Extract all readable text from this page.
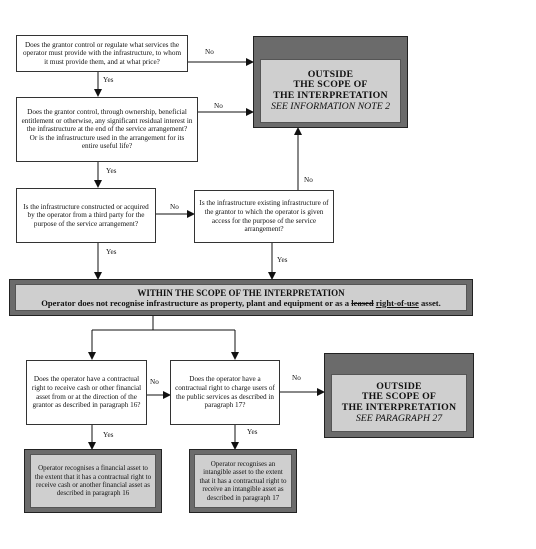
Does the grantor control or regulate what services the operator must provide with the infrastructure, to whom it must provide them, and at what price?
Does the grantor control, through ownership, beneficial entitlement or otherwise, any significant residual interest in the infrastructure at the end of the service arrangement?
Or is the infrastructure used in the arrangement for its entire useful life?
Is the infrastructure constructed or acquired by the operator from a third party for the purpose of the service arrangement?
Is the infrastructure existing infrastructure of the grantor to which the operator is given access for the purpose of the service arrangement?
OUTSIDE
THE SCOPE OF
THE INTERPRETATION
SEE INFORMATION NOTE 2
WITHIN THE SCOPE OF THE INTERPRETATION
Operator does not recognise infrastructure as property, plant and equipment or as a leased right-of-use asset.
Does the operator have a contractual right to receive cash or other financial asset from or at the direction of the grantor as described in paragraph 16?
Does the operator have a contractual right to charge users of the public services as described in paragraph 17?
OUTSIDE
THE SCOPE OF
THE INTERPRETATION
SEE PARAGRAPH 27
Operator recognises a financial asset to the extent that it has a contractual right to receive cash or another financial asset as described in paragraph 16
Operator recognises an intangible asset to the extent that it has a contractual right to receive an intangible asset as described in paragraph 17
No
Yes
No
Yes
No
No
Yes
Yes
No	No
Yes	Yes
